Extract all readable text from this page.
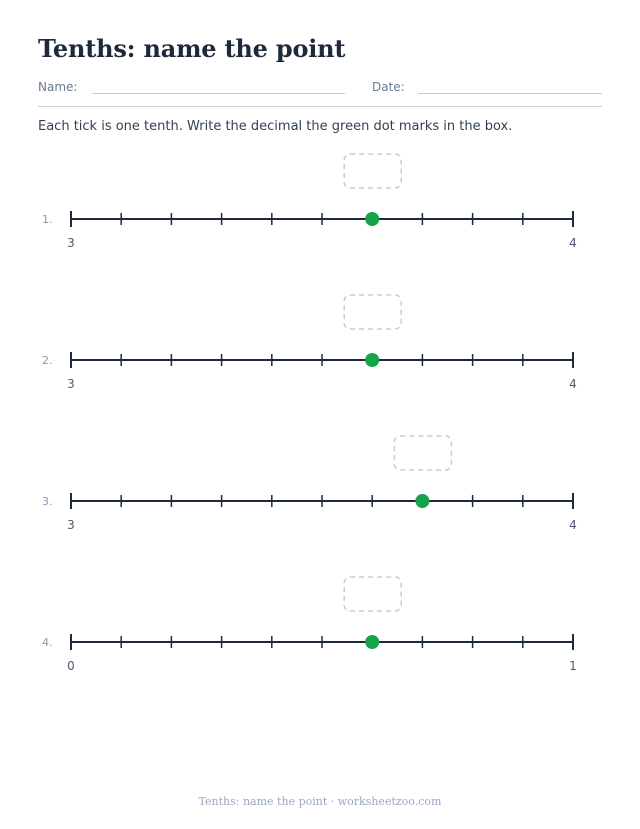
Tenths: name the point
Name:	Date:
Each tick is one tenth. Write the decimal the green dot marks in the box.
1.
3	4
2.
3	4
3.
3	4
4.
0	1
Tenths: name the point · worksheetzoo.com
